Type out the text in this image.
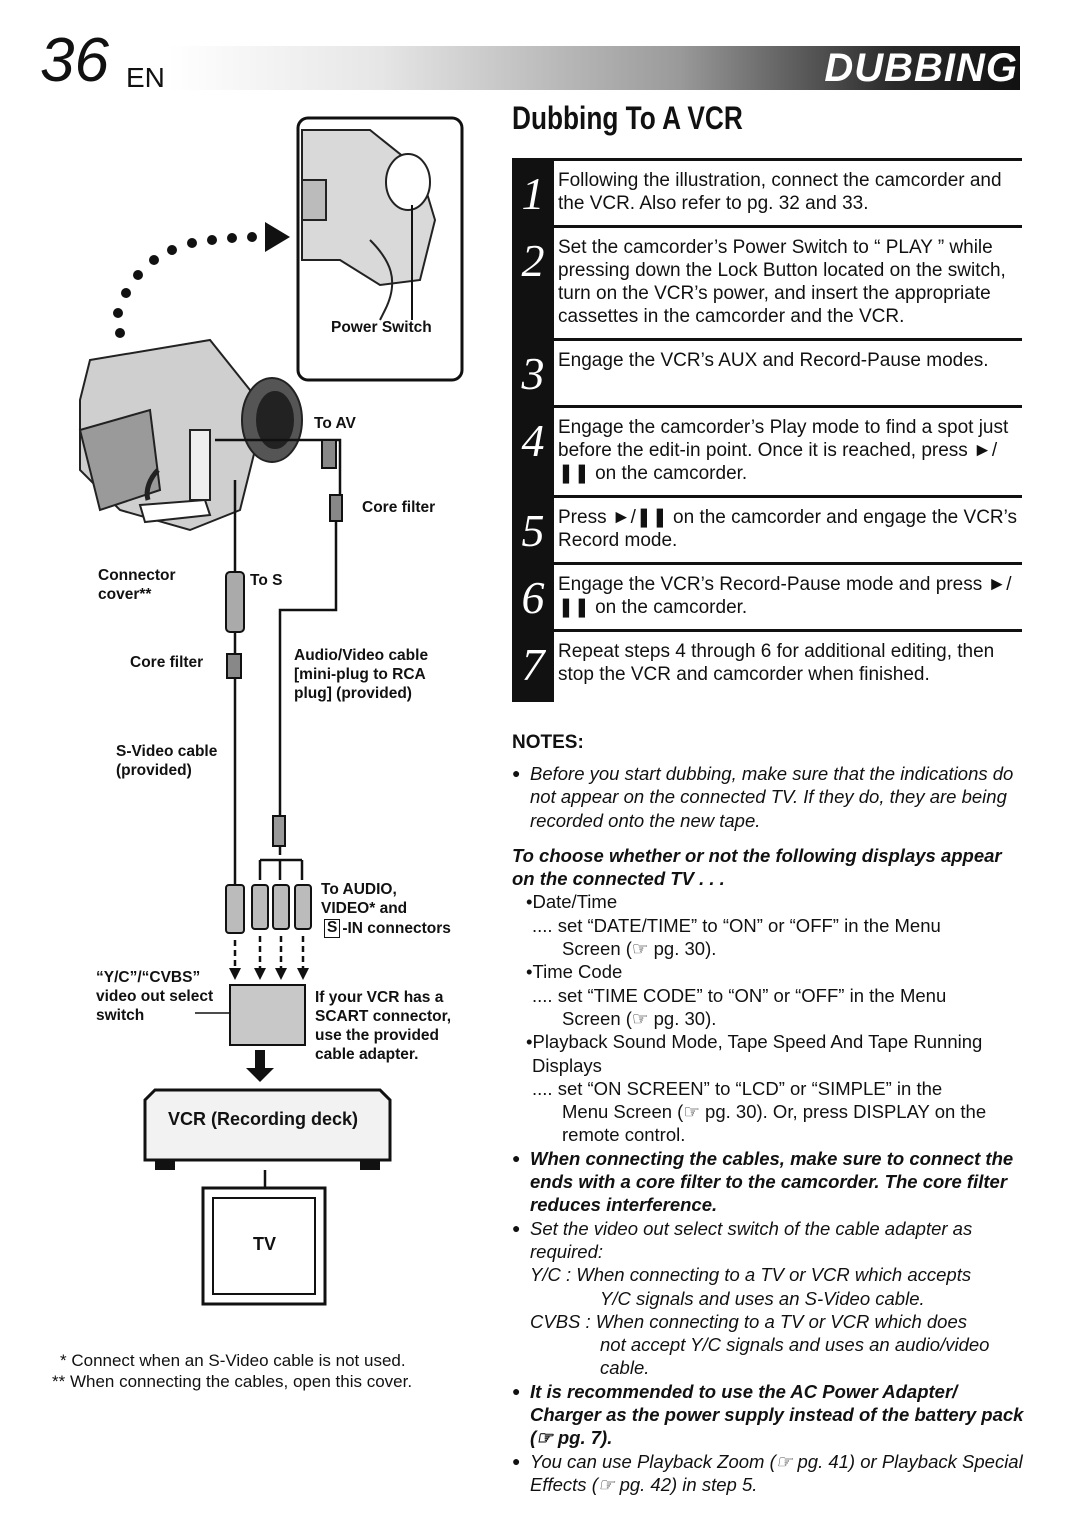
36 EN	DUBBING
Power Switch
To AV
Core filter
Connector cover**
To S
Core filter	Audio/Video cable [mini-plug to RCA plug] (provided)
S-Video cable (provided)
To AUDIO, VIDEO* and
S -IN connectors
“Y/C”/“CVBS” video out select switch
If your VCR has a SCART connector, use the provided cable adapter.
VCR (Recording deck)
TV
* Connect when an S-Video cable is not used.
** When connecting the cables, open this cover.
Dubbing To A VCR
1 Following the illustration, connect the camcorder and the VCR. Also refer to pg. 32 and 33.
2 Set the camcorder’s Power Switch to “ PLAY ” while pressing down the Lock Button located on the switch, turn on the VCR’s power, and insert the appropriate cassettes in the camcorder and the VCR.
3 Engage the VCR’s AUX and Record-Pause modes.
4 Engage the camcorder’s Play mode to find a spot just before the edit-in point. Once it is reached, press ►/❚❚ on the camcorder.
5 Press ►/❚❚ on the camcorder and engage the VCR’s Record mode.
6 Engage the VCR’s Record-Pause mode and press ►/❚❚ on the camcorder.
7 Repeat steps 4 through 6 for additional editing, then stop the VCR and camcorder when finished.
NOTES:
● Before you start dubbing, make sure that the indications do not appear on the connected TV. If they do, they are being recorded onto the new tape.
To choose whether or not the following displays appear on the connected TV . . .
•Date/Time
.... set “DATE/TIME” to “ON” or “OFF” in the Menu
Screen (☞ pg. 30).
•Time Code
.... set “TIME CODE” to “ON” or “OFF” in the Menu
Screen (☞ pg. 30).
•Playback Sound Mode, Tape Speed And Tape Running
Displays
.... set “ON SCREEN” to “LCD” or “SIMPLE” in the
Menu Screen (☞ pg. 30). Or, press DISPLAY on the
remote control.
● When connecting the cables, make sure to connect the ends with a core filter to the camcorder. The core filter reduces interference.
● Set the video out select switch of the cable adapter as required:
Y/C : When connecting to a TV or VCR which accepts
Y/C signals and uses an S-Video cable.
CVBS : When connecting to a TV or VCR which does
not accept Y/C signals and uses an audio/video
cable.
● It is recommended to use the AC Power Adapter/ Charger as the power supply instead of the battery pack (☞ pg. 7).
● You can use Playback Zoom (☞ pg. 41) or Playback Special Effects (☞ pg. 42) in step 5.
